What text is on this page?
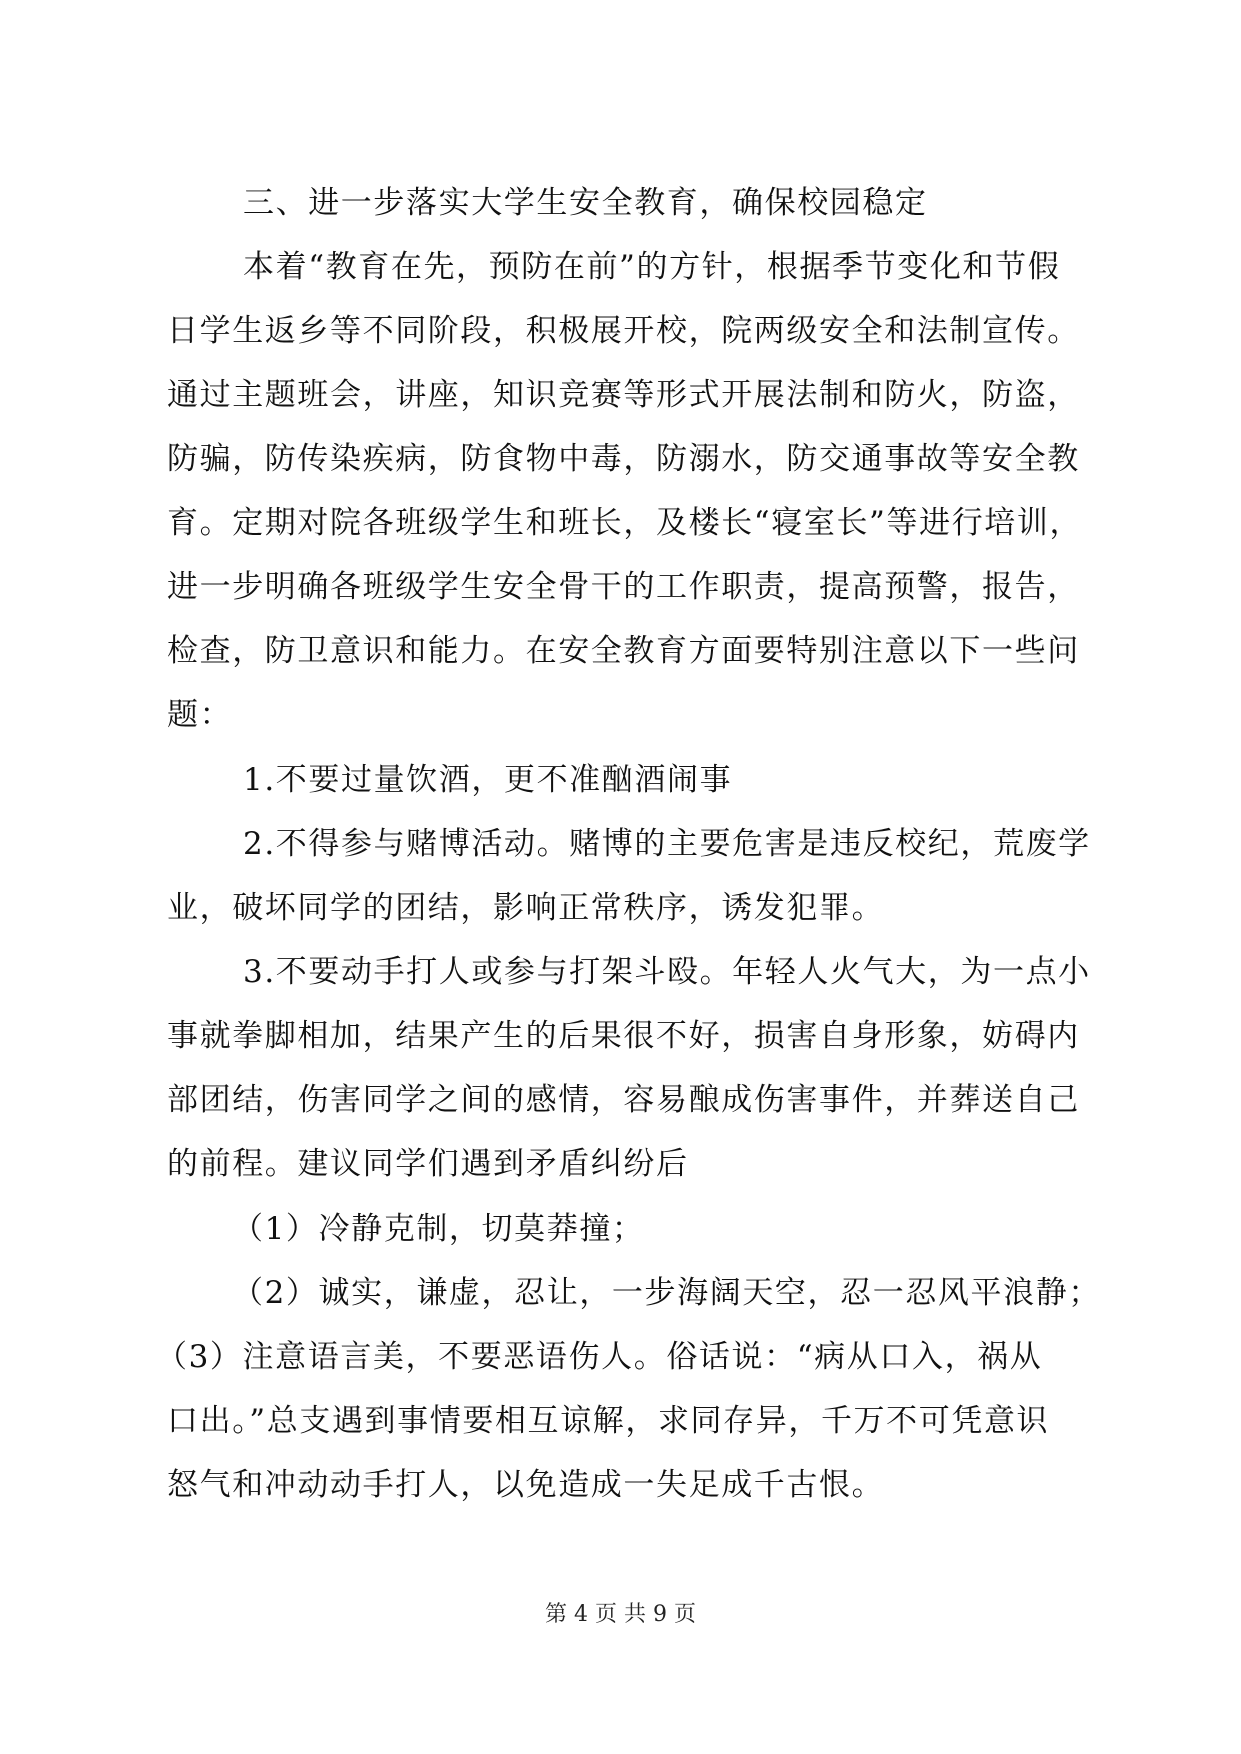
三、进一步落实大学生安全教育，确保校园稳定
本着“教育在先，预防在前”的方针，根据季节变化和节假
日学生返乡等不同阶段，积极展开校，院两级安全和法制宣传。
通过主题班会，讲座，知识竞赛等形式开展法制和防火，防盗，
防骗，防传染疾病，防食物中毒，防溺水，防交通事故等安全教
育。定期对院各班级学生和班长，及楼长“寝室长”等进行培训，
进一步明确各班级学生安全骨干的工作职责，提高预警，报告，
检查，防卫意识和能力。在安全教育方面要特别注意以下一些问
题：
1.不要过量饮酒，更不准酗酒闹事
2.不得参与赌博活动。赌博的主要危害是违反校纪，荒废学
业，破坏同学的团结，影响正常秩序，诱发犯罪。
3.不要动手打人或参与打架斗殴。年轻人火气大，为一点小
事就拳脚相加，结果产生的后果很不好，损害自身形象，妨碍内
部团结，伤害同学之间的感情，容易酿成伤害事件，并葬送自己
的前程。建议同学们遇到矛盾纠纷后
（1）冷静克制，切莫莽撞；
（2）诚实，谦虚，忍让，一步海阔天空，忍一忍风平浪静；
（3）注意语言美，不要恶语伤人。俗话说：“病从口入，祸从
口出。”总支遇到事情要相互谅解，求同存异，千万不可凭意识
怒气和冲动动手打人，以免造成一失足成千古恨。
第 4 页 共 9 页
